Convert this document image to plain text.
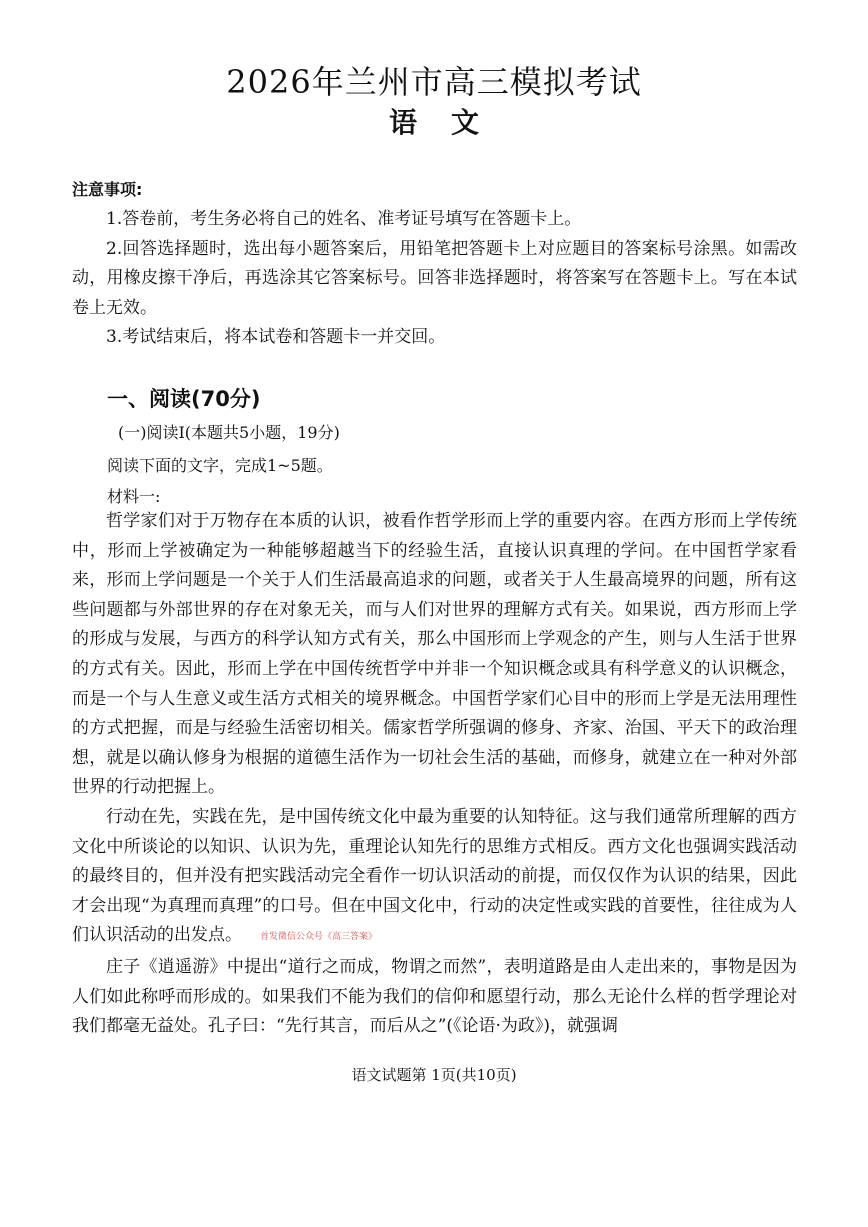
2026年兰州市高三模拟考试
语文
注意事项:

1.答卷前，考生务必将自己的姓名、准考证号填写在答题卡上。

2.回答选择题时，选出每小题答案后，用铅笔把答题卡上对应题目的答案标号涂黑。如需改动，用橡皮擦干净后，再选涂其它答案标号。回答非选择题时，将答案写在答题卡上。写在本试卷上无效。

3.考试结束后，将本试卷和答题卡一并交回。

一、阅读(70分)
(一)阅读Ⅰ(本题共5小题，19分)
阅读下面的文字，完成1~5题。
材料一:

哲学家们对于万物存在本质的认识，被看作哲学形而上学的重要内容。在西方形而上学传统中，形而上学被确定为一种能够超越当下的经验生活，直接认识真理的学问。在中国哲学家看来，形而上学问题是一个关于人们生活最高追求的问题，或者关于人生最高境界的问题，所有这些问题都与外部世界的存在对象无关，而与人们对世界的理解方式有关。如果说，西方形而上学的形成与发展，与西方的科学认知方式有关，那么中国形而上学观念的产生，则与人生活于世界的方式有关。因此，形而上学在中国传统哲学中并非一个知识概念或具有科学意义的认识概念，而是一个与人生意义或生活方式相关的境界概念。中国哲学家们心目中的形而上学是无法用理性的方式把握，而是与经验生活密切相关。儒家哲学所强调的修身、齐家、治国、平天下的政治理想，就是以确认修身为根据的道德生活作为一切社会生活的基础，而修身，就建立在一种对外部世界的行动把握上。

行动在先，实践在先，是中国传统文化中最为重要的认知特征。这与我们通常所理解的西方文化中所谈论的以知识、认识为先，重理论认知先行的思维方式相反。西方文化也强调实践活动的最终目的，但并没有把实践活动完全看作一切认识活动的前提，而仅仅作为认识的结果，因此才会出现“为真理而真理”的口号。但在中国文化中，行动的决定性或实践的首要性，往往成为人们认识活动的出发点。 首发微信公众号《高三答案》

庄子《逍遥游》中提出“道行之而成，物谓之而然”，表明道路是由人走出来的，事物是因为人们如此称呼而形成的。如果我们不能为我们的信仰和愿望行动，那么无论什么样的哲学理论对我们都毫无益处。孔子曰：“先行其言，而后从之”(《论语·为政》)，就强调

语文试题第 1页(共10页)
